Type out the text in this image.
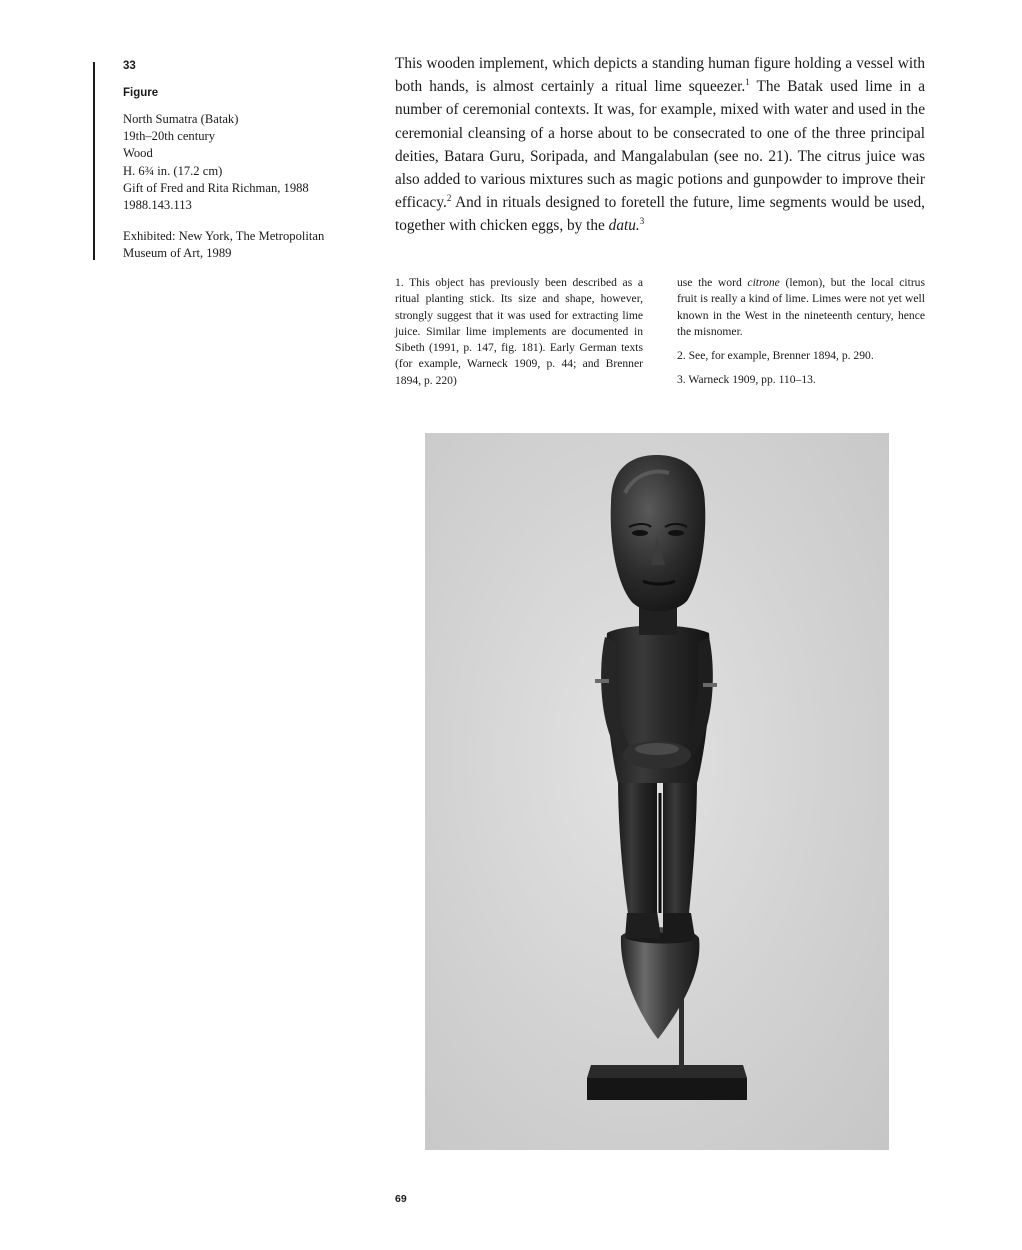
33
Figure
North Sumatra (Batak)
19th–20th century
Wood
H. 6¾ in. (17.2 cm)
Gift of Fred and Rita Richman, 1988
1988.143.113
Exhibited: New York, The Metropolitan Museum of Art, 1989

This wooden implement, which depicts a standing human figure holding a vessel with both hands, is almost certainly a ritual lime squeezer.$^1$ The Batak used lime in a number of ceremonial contexts. It was, for example, mixed with water and used in the ceremonial cleansing of a horse about to be consecrated to one of the three principal deities, Batara Guru, Soripada, and Mangalabulan (see no. 21). The citrus juice was also added to various mixtures such as magic potions and gunpowder to improve their efficacy.$^2$ And in rituals designed to foretell the future, lime segments would be used, together with chicken eggs, by the datu.$^3$

1. This object has previously been described as a ritual planting stick. Its size and shape, however, strongly suggest that it was used for extracting lime juice. Similar lime implements are documented in Sibeth (1991, p. 147, fig. 181). Early German texts (for example, Warneck 1909, p. 44; and Brenner 1894, p. 220)

use the word citrone (lemon), but the local citrus fruit is really a kind of lime. Limes were not yet well known in the West in the nineteenth century, hence the misnomer.

2. See, for example, Brenner 1894, p. 290.

3. Warneck 1909, pp. 110–13.

69
